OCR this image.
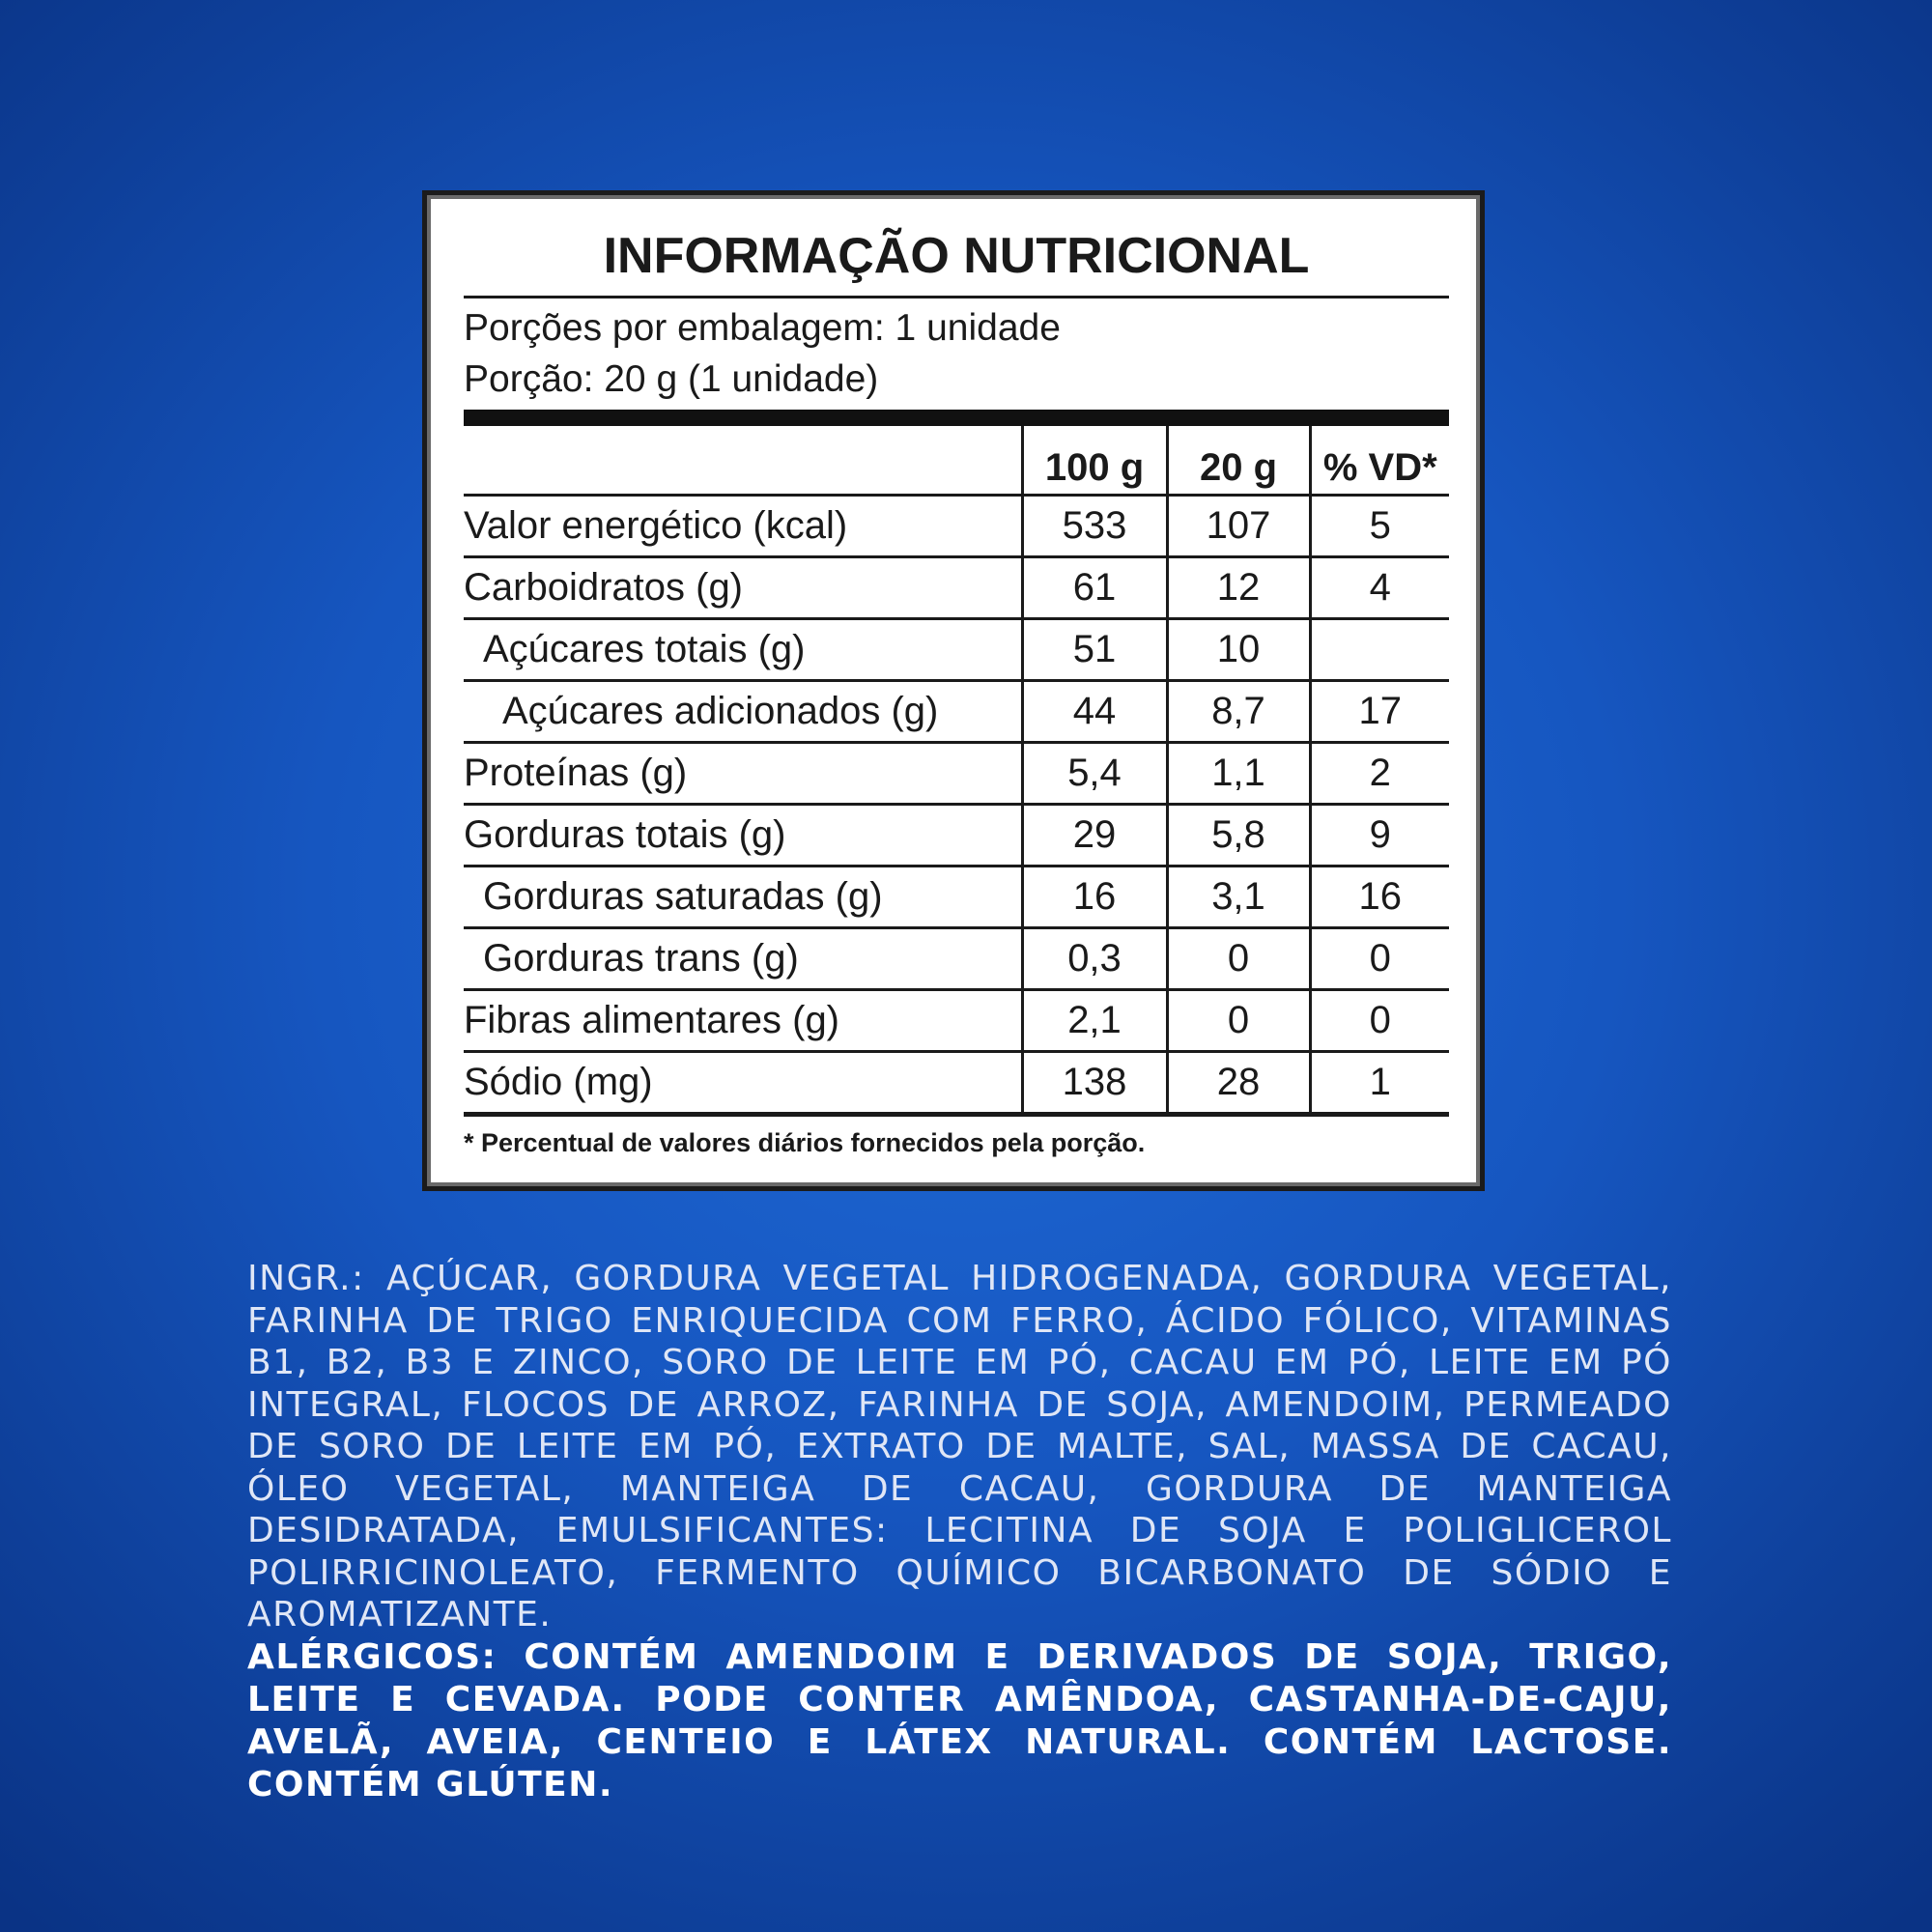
INFORMAÇÃO NUTRICIONAL
Porções por embalagem: 1 unidade
Porção: 20 g (1 unidade)
	100 g	20 g	% VD*
Valor energético (kcal)	533	107	5
Carboidratos (g)	61	12	4
Açúcares totais (g)	51	10	
Açúcares adicionados (g)	44	8,7	17
Proteínas (g)	5,4	1,1	2
Gorduras totais (g)	29	5,8	9
Gorduras saturadas (g)	16	3,1	16
Gorduras trans (g)	0,3	0	0
Fibras alimentares (g)	2,1	0	0
Sódio (mg)	138	28	1
* Percentual de valores diários fornecidos pela porção.
INGR.: AÇÚCAR, GORDURA VEGETAL HIDROGENADA, GORDURA VEGETAL, FARINHA DE TRIGO ENRIQUECIDA COM FERRO, ÁCIDO FÓLICO, VITAMINAS B1, B2, B3 E ZINCO, SORO DE LEITE EM PÓ, CACAU EM PÓ, LEITE EM PÓ INTEGRAL, FLOCOS DE ARROZ, FARINHA DE SOJA, AMENDOIM, PERMEADO DE SORO DE LEITE EM PÓ, EXTRATO DE MALTE, SAL, MASSA DE CACAU, ÓLEO VEGETAL, MANTEIGA DE CACAU, GORDURA DE MANTEIGA DESIDRATADA, EMULSIFICANTES: LECITINA DE SOJA E POLIGLICEROL POLIRRICINOLEATO, FERMENTO QUÍMICO BICARBONATO DE SÓDIO E AROMATIZANTE.
ALÉRGICOS: CONTÉM AMENDOIM E DERIVADOS DE SOJA, TRIGO, LEITE E CEVADA. PODE CONTER AMÊNDOA, CASTANHA-DE-CAJU, AVELÃ, AVEIA, CENTEIO E LÁTEX NATURAL. CONTÉM LACTOSE. CONTÉM GLÚTEN.
